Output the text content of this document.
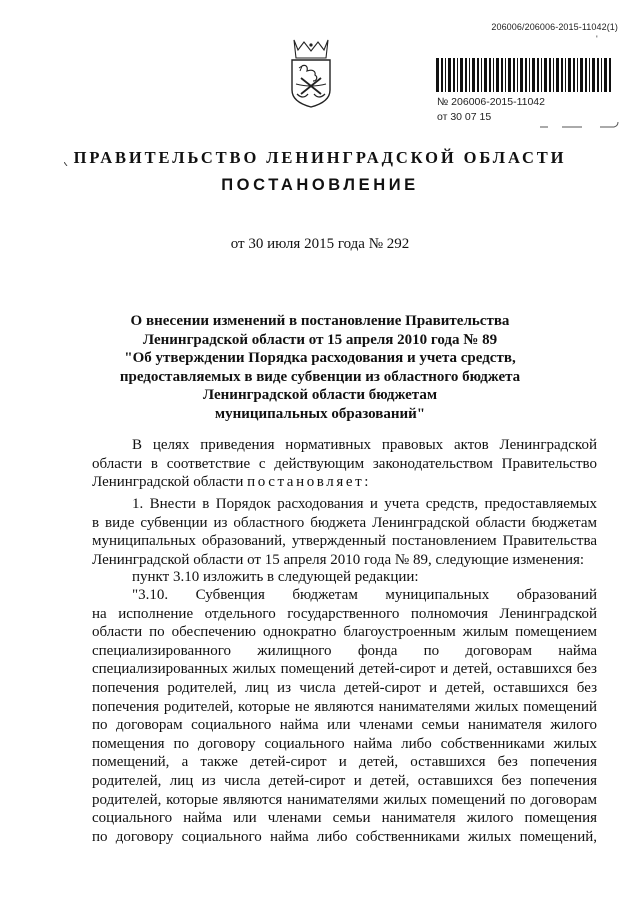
206006/206006-2015-11042(1)
'
№ 206006-2015-11042
от 30 07 15
ПРАВИТЕЛЬСТВО ЛЕНИНГРАДСКОЙ ОБЛАСТИ
ПОСТАНОВЛЕНИЕ
от 30 июля 2015 года № 292
О внесении изменений в постановление Правительства
Ленинградской области от 15 апреля 2010 года № 89
"Об утверждении Порядка расходования и учета средств,
предоставляемых в виде субвенции из областного бюджета
Ленинградской области бюджетам
муниципальных образований"
В целях приведения нормативных правовых актов Ленинградской
области в соответствие с действующим законодательством Правительство
Ленинградской области постановляет:
1. Внести в Порядок расходования и учета средств, предоставляемых
в виде субвенции из областного бюджета Ленинградской области бюджетам
муниципальных образований, утвержденный постановлением Правительства
Ленинградской области от 15 апреля 2010 года № 89, следующие изменения:
пункт 3.10 изложить в следующей редакции:
"3.10. Субвенция бюджетам муниципальных образований
на исполнение отдельного государственного полномочия Ленинградской
области по обеспечению однократно благоустроенным жилым помещением
специализированного жилищного фонда по договорам найма
специализированных жилых помещений детей-сирот и детей, оставшихся без
попечения родителей, лиц из числа детей-сирот и детей, оставшихся без
попечения родителей, которые не являются нанимателями жилых помещений
по договорам социального найма или членами семьи нанимателя жилого
помещения по договору социального найма либо собственниками жилых
помещений, а также детей-сирот и детей, оставшихся без попечения
родителей, лиц из числа детей-сирот и детей, оставшихся без попечения
родителей, которые являются нанимателями жилых помещений по договорам
социального найма или членами семьи нанимателя жилого помещения
по договору социального найма либо собственниками жилых помещений,
